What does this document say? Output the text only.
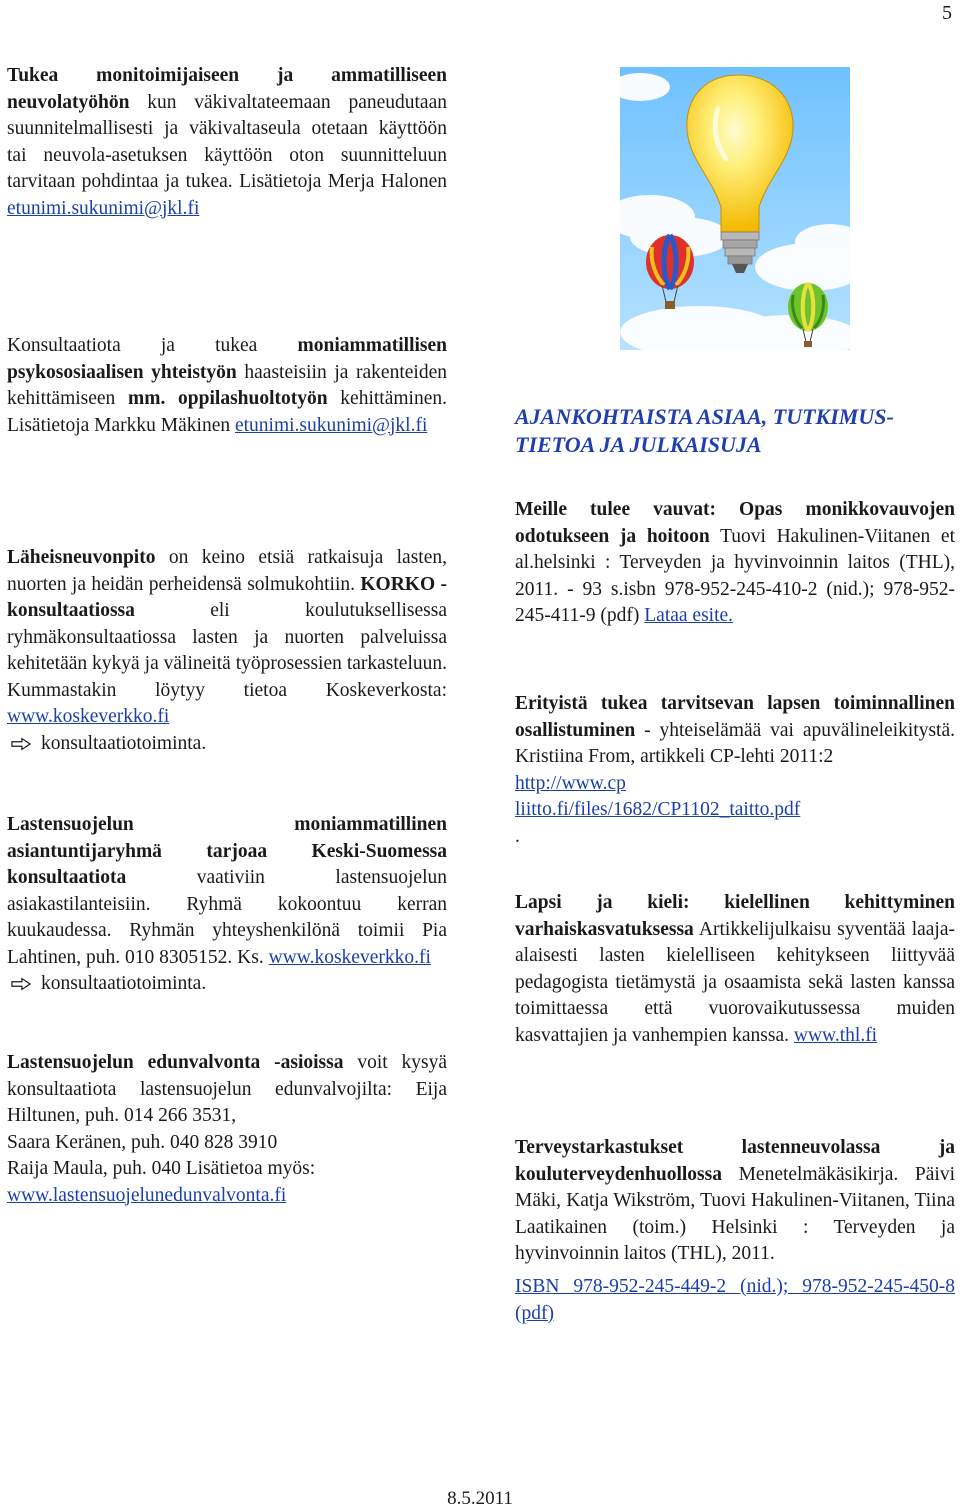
5

Tukea monitoimijaiseen ja ammatilliseen neuvolatyöhön kun väkivaltateemaan paneudutaan suunnitelmallisesti ja väkivaltaseula otetaan käyttöön tai neuvola-asetuksen käyttöön oton suunnitteluun tarvitaan pohdintaa ja tukea. Lisätietoja Merja Halonen etunimi.sukunimi@jkl.fi

Konsultaatiota ja tukea moniammatillisen psykososiaalisen yhteistyön haasteisiin ja rakenteiden kehittämiseen mm. oppilashuoltotyön kehittäminen. Lisätietoja Markku Mäkinen etunimi.sukunimi@jkl.fi

Läheisneuvonpito on keino etsiä ratkaisuja lasten, nuorten ja heidän perheidensä solmukohtiin. KORKO -konsultaatiossa eli koulutuksellisessa ryhmäkonsultaatiossa lasten ja nuorten palveluissa kehitetään kykyä ja välineitä työprosessien tarkasteluun. Kummastakin löytyy tietoa Koskeverkosta: www.koskeverkko.fi
konsultaatiotoiminta.

Lastensuojelun moniammatillinen asiantuntijaryhmä tarjoaa Keski-Suomessa konsultaatiota vaativiin lastensuojelun asiakastilanteisiin. Ryhmä kokoontuu kerran kuukaudessa. Ryhmän yhteyshenkilönä toimii Pia Lahtinen, puh. 010 8305152. Ks. www.koskeverkko.fi
konsultaatiotoiminta.

Lastensuojelun edunvalvonta -asioissa voit kysyä konsultaatiota lastensuojelun edunvalvojilta: Eija Hiltunen, puh. 014 266 3531,
Saara Keränen, puh. 040 828 3910
Raija Maula, puh. 040 Lisätietoa myös:
www.lastensuojelunedunvalvonta.fi

AJANKOHTAISTA ASIAA, TUTKIMUS-TIETOA JA JULKAISUJA

Meille tulee vauvat: Opas monikkovauvojen odotukseen ja hoitoon Tuovi Hakulinen-Viitanen et al.helsinki : Terveyden ja hyvinvoinnin laitos (THL), 2011. - 93 s.isbn 978-952-245-410-2 (nid.); 978-952-245-411-9 (pdf) Lataa esite.

Erityistä tukea tarvitsevan lapsen toiminnallinen osallistuminen - yhteiselämää vai apuvälineleikitystä. Kristiina From, artikkeli CP-lehti 2011:2
http://www.cp
liitto.fi/files/1682/CP1102_taitto.pdf
.

Lapsi ja kieli: kielellinen kehittyminen varhaiskasvatuksessa Artikkelijulkaisu syventää laaja-alaisesti lasten kielelliseen kehitykseen liittyvää pedagogista tietämystä ja osaamista sekä lasten kanssa toimittaessa että vuorovaikutussessa muiden kasvattajien ja vanhempien kanssa. www.thl.fi

Terveystarkastukset lastenneuvolassa ja kouluterveydenhuollossa Menetelmäkäsikirja. Päivi Mäki, Katja Wikström, Tuovi Hakulinen-Viitanen, Tiina Laatikainen (toim.) Helsinki : Terveyden ja hyvinvoinnin laitos (THL), 2011.

ISBN 978-952-245-449-2 (nid.); 978-952-245-450-8 (pdf)

8.5.2011
